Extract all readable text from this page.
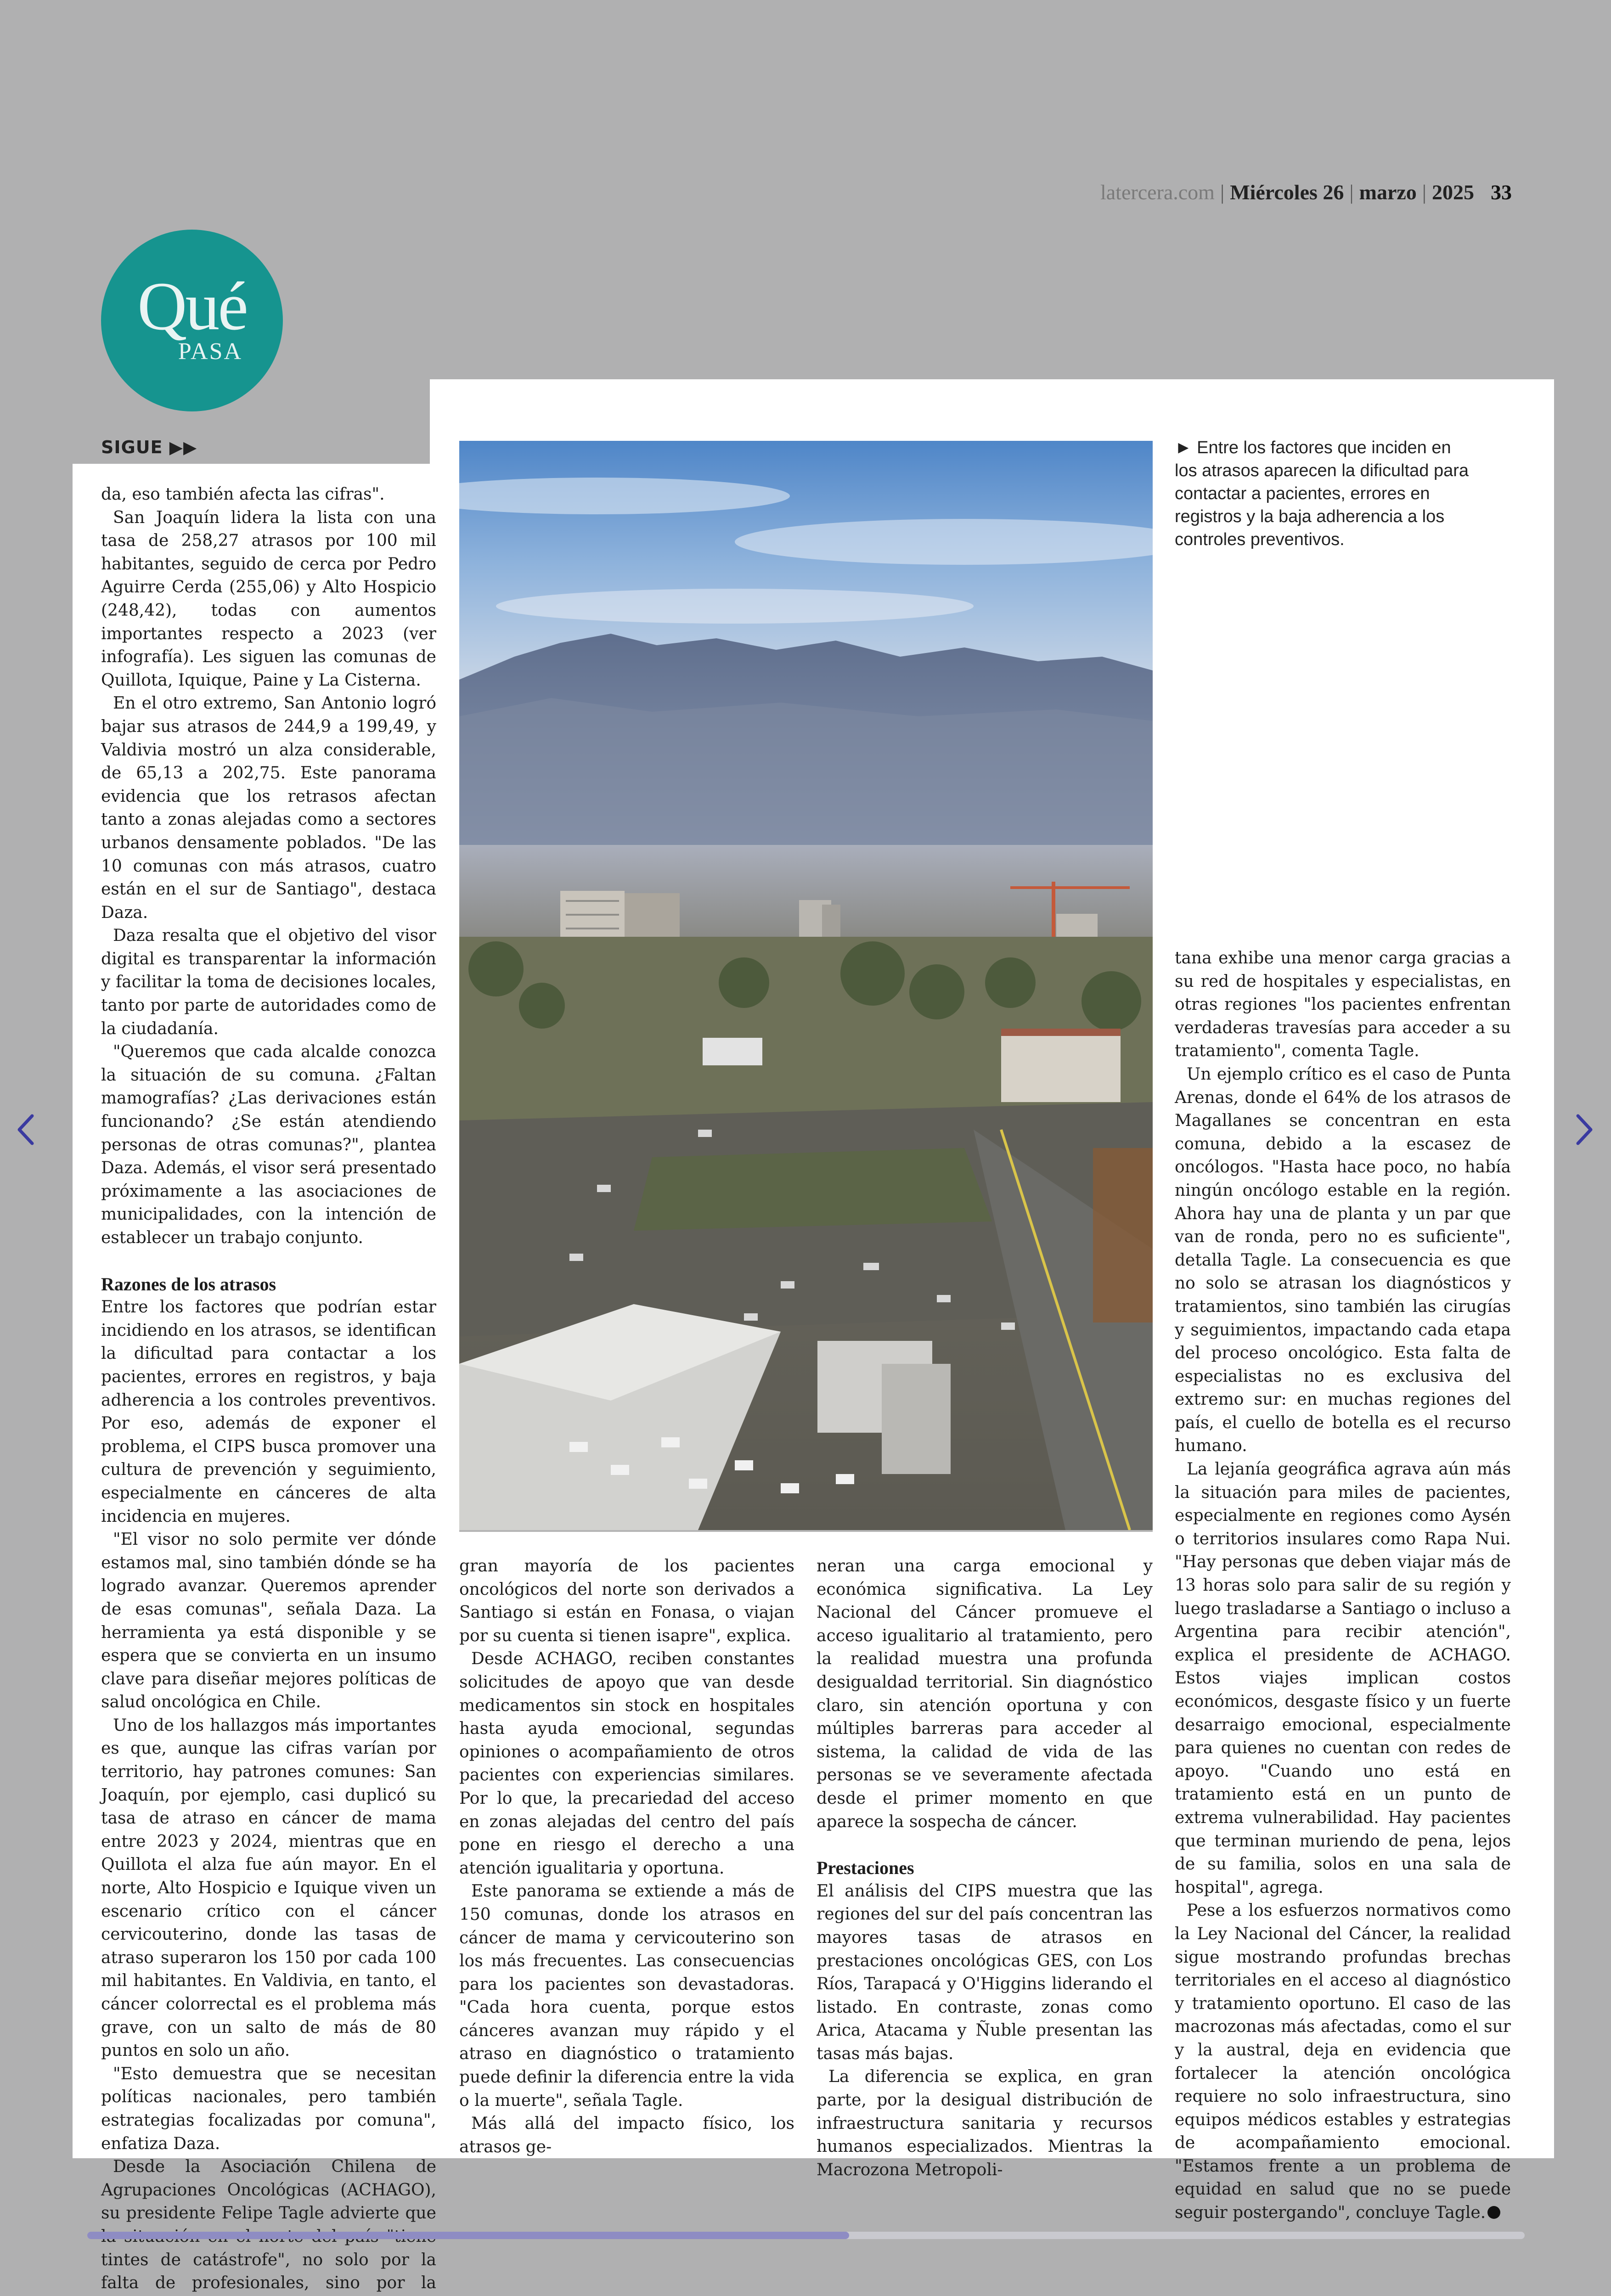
latercera.com | Miércoles 26 | marzo | 2025 33
Qué
PASA
SIGUE ▶▶

da, eso también afecta las cifras".

San Joaquín lidera la lista con una tasa de 258,27 atrasos por 100 mil habitantes, seguido de cerca por Pedro Aguirre Cerda (255,06) y Alto Hospicio (248,42), todas con aumentos importantes respecto a 2023 (ver infografía). Les siguen las comunas de Quillota, Iquique, Paine y La Cisterna.

En el otro extremo, San Antonio logró bajar sus atrasos de 244,9 a 199,49, y Valdivia mostró un alza considerable, de 65,13 a 202,75. Este panorama evidencia que los retrasos afectan tanto a zonas alejadas como a sectores urbanos densamente poblados. "De las 10 comunas con más atrasos, cuatro están en el sur de Santiago", destaca Daza.

Daza resalta que el objetivo del visor digital es transparentar la información y facilitar la toma de decisiones locales, tanto por parte de autoridades como de la ciudadanía.

"Queremos que cada alcalde conozca la situación de su comuna. ¿Faltan mamografías? ¿Las derivaciones están funcionando? ¿Se están atendiendo personas de otras comunas?", plantea Daza. Además, el visor será presentado próximamente a las asociaciones de municipalidades, con la intención de establecer un trabajo conjunto.

Razones de los atrasos

Entre los factores que podrían estar incidiendo en los atrasos, se identifican la dificultad para contactar a los pacientes, errores en registros, y baja adherencia a los controles preventivos. Por eso, además de exponer el problema, el CIPS busca promover una cultura de prevención y seguimiento, especialmente en cánceres de alta incidencia en mujeres.

"El visor no solo permite ver dónde estamos mal, sino también dónde se ha logrado avanzar. Queremos aprender de esas comunas", señala Daza. La herramienta ya está disponible y se espera que se convierta en un insumo clave para diseñar mejores políticas de salud oncológica en Chile.

Uno de los hallazgos más importantes es que, aunque las cifras varían por territorio, hay patrones comunes: San Joaquín, por ejemplo, casi duplicó su tasa de atraso en cáncer de mama entre 2023 y 2024, mientras que en Quillota el alza fue aún mayor. En el norte, Alto Hospicio e Iquique viven un escenario crítico con el cáncer cervicouterino, donde las tasas de atraso superaron los 150 por cada 100 mil habitantes. En Valdivia, en tanto, el cáncer colorrectal es el problema más grave, con un salto de más de 80 puntos en solo un año.

"Esto demuestra que se necesitan políticas nacionales, pero también estrategias focalizadas por comuna", enfatiza Daza.

Desde la Asociación Chilena de Agrupaciones Oncológicas (ACHAGO), su presidente Felipe Tagle advierte que tintes de catástrofe", no solo por la falta de profesionales, sino por la

► Entre los factores que inciden en los atrasos aparecen la dificultad para contactar a pacientes, errores en registros y la baja adherencia a los controles preventivos.

gran mayoría de los pacientes oncológicos del norte son derivados a Santiago si están en Fonasa, o viajan por su cuenta si tienen isapre", explica.

Desde ACHAGO, reciben constantes solicitudes de apoyo que van desde medicamentos sin stock en hospitales hasta ayuda emocional, segundas opiniones o acompañamiento de otros pacientes con experiencias similares. Por lo que, la precariedad del acceso en zonas alejadas del centro del país pone en riesgo el derecho a una atención igualitaria y oportuna.

Este panorama se extiende a más de 150 comunas, donde los atrasos en cáncer de mama y cervicouterino son los más frecuentes. Las consecuencias para los pacientes son devastadoras. "Cada hora cuenta, porque estos cánceres avanzan muy rápido y el atraso en diagnóstico o tratamiento puede definir la diferencia entre la vida o la muerte", señala Tagle.

Más allá del impacto físico, los atrasos ge-

neran una carga emocional y económica significativa. La Ley Nacional del Cáncer promueve el acceso igualitario al tratamiento, pero la realidad muestra una profunda desigualdad territorial. Sin diagnóstico claro, sin atención oportuna y con múltiples barreras para acceder al sistema, la calidad de vida de las personas se ve severamente afectada desde el primer momento en que aparece la sospecha de cáncer.

Prestaciones

El análisis del CIPS muestra que las regiones del sur del país concentran las mayores tasas de atrasos en prestaciones oncológicas GES, con Los Ríos, Tarapacá y O'Higgins liderando el listado. En contraste, zonas como Arica, Atacama y Ñuble presentan las tasas más bajas.

La diferencia se explica, en gran parte, por la desigual distribución de infraestructura sanitaria y recursos humanos especializados. Mientras la Macrozona Metropoli-

tana exhibe una menor carga gracias a su red de hospitales y especialistas, en otras regiones "los pacientes enfrentan verdaderas travesías para acceder a su tratamiento", comenta Tagle.

Un ejemplo crítico es el caso de Punta Arenas, donde el 64% de los atrasos de Magallanes se concentran en esta comuna, debido a la escasez de oncólogos. "Hasta hace poco, no había ningún oncólogo estable en la región. Ahora hay una de planta y un par que van de ronda, pero no es suficiente", detalla Tagle. La consecuencia es que no solo se atrasan los diagnósticos y tratamientos, sino también las cirugías y seguimientos, impactando cada etapa del proceso oncológico. Esta falta de especialistas no es exclusiva del extremo sur: en muchas regiones del país, el cuello de botella es el recurso humano.

La lejanía geográfica agrava aún más la situación para miles de pacientes, especialmente en regiones como Aysén o territorios insulares como Rapa Nui. "Hay personas que deben viajar más de 13 horas solo para salir de su región y luego trasladarse a Santiago o incluso a Argentina para recibir atención", explica el presidente de ACHAGO. Estos viajes implican costos económicos, desgaste físico y un fuerte desarraigo emocional, especialmente para quienes no cuentan con redes de apoyo. "Cuando uno está en tratamiento está en un punto de extrema vulnerabilidad. Hay pacientes que terminan muriendo de pena, lejos de su familia, solos en una sala de hospital", agrega.

Pese a los esfuerzos normativos como la Ley Nacional del Cáncer, la realidad sigue mostrando profundas brechas territoriales en el acceso al diagnóstico y tratamiento oportuno. El caso de las macrozonas más afectadas, como el sur y la austral, deja en evidencia que fortalecer la atención oncológica requiere no solo infraestructura, sino equipos médicos estables y estrategias de acompañamiento emocional. "Estamos frente a un problema de equidad en salud que no se puede seguir postergando", concluye Tagle.
